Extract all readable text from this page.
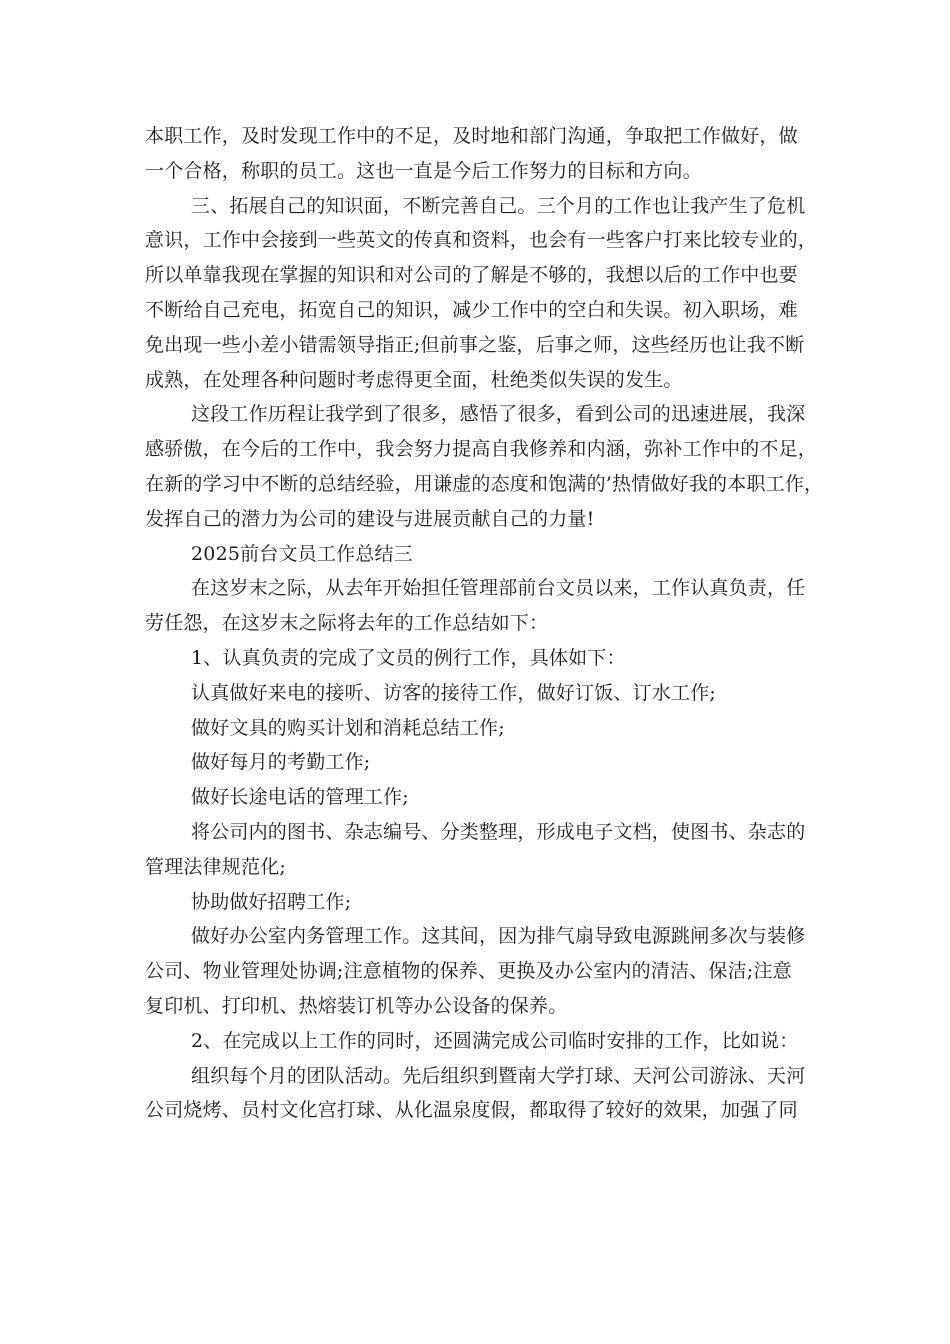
本职工作，及时发现工作中的不足，及时地和部门沟通，争取把工作做好，做
一个合格，称职的员工。这也一直是今后工作努力的目标和方向。
三、拓展自己的知识面，不断完善自己。三个月的工作也让我产生了危机
意识，工作中会接到一些英文的传真和资料，也会有一些客户打来比较专业的，
所以单靠我现在掌握的知识和对公司的了解是不够的，我想以后的工作中也要
不断给自己充电，拓宽自己的知识，减少工作中的空白和失误。初入职场，难
免出现一些小差小错需领导指正;但前事之鉴，后事之师，这些经历也让我不断
成熟，在处理各种问题时考虑得更全面，杜绝类似失误的发生。
这段工作历程让我学到了很多，感悟了很多，看到公司的迅速进展，我深
感骄傲，在今后的工作中，我会努力提高自我修养和内涵，弥补工作中的不足，
在新的学习中不断的总结经验，用谦虚的态度和饱满的’热情做好我的本职工作，
发挥自己的潜力为公司的建设与进展贡献自己的力量!
2025前台文员工作总结三
在这岁末之际，从去年开始担任管理部前台文员以来，工作认真负责，任
劳任怨，在这岁末之际将去年的工作总结如下：
1、认真负责的完成了文员的例行工作，具体如下：
认真做好来电的接听、访客的接待工作，做好订饭、订水工作;
做好文具的购买计划和消耗总结工作;
做好每月的考勤工作;
做好长途电话的管理工作;
将公司内的图书、杂志编号、分类整理，形成电子文档，使图书、杂志的
管理法律规范化;
协助做好招聘工作;
做好办公室内务管理工作。这其间，因为排气扇导致电源跳闸多次与装修
公司、物业管理处协调;注意植物的保养、更换及办公室内的清洁、保洁;注意
复印机、打印机、热熔装订机等办公设备的保养。
2、在完成以上工作的同时，还圆满完成公司临时安排的工作，比如说：
组织每个月的团队活动。先后组织到暨南大学打球、天河公司游泳、天河
公司烧烤、员村文化宫打球、从化温泉度假，都取得了较好的效果，加强了同
